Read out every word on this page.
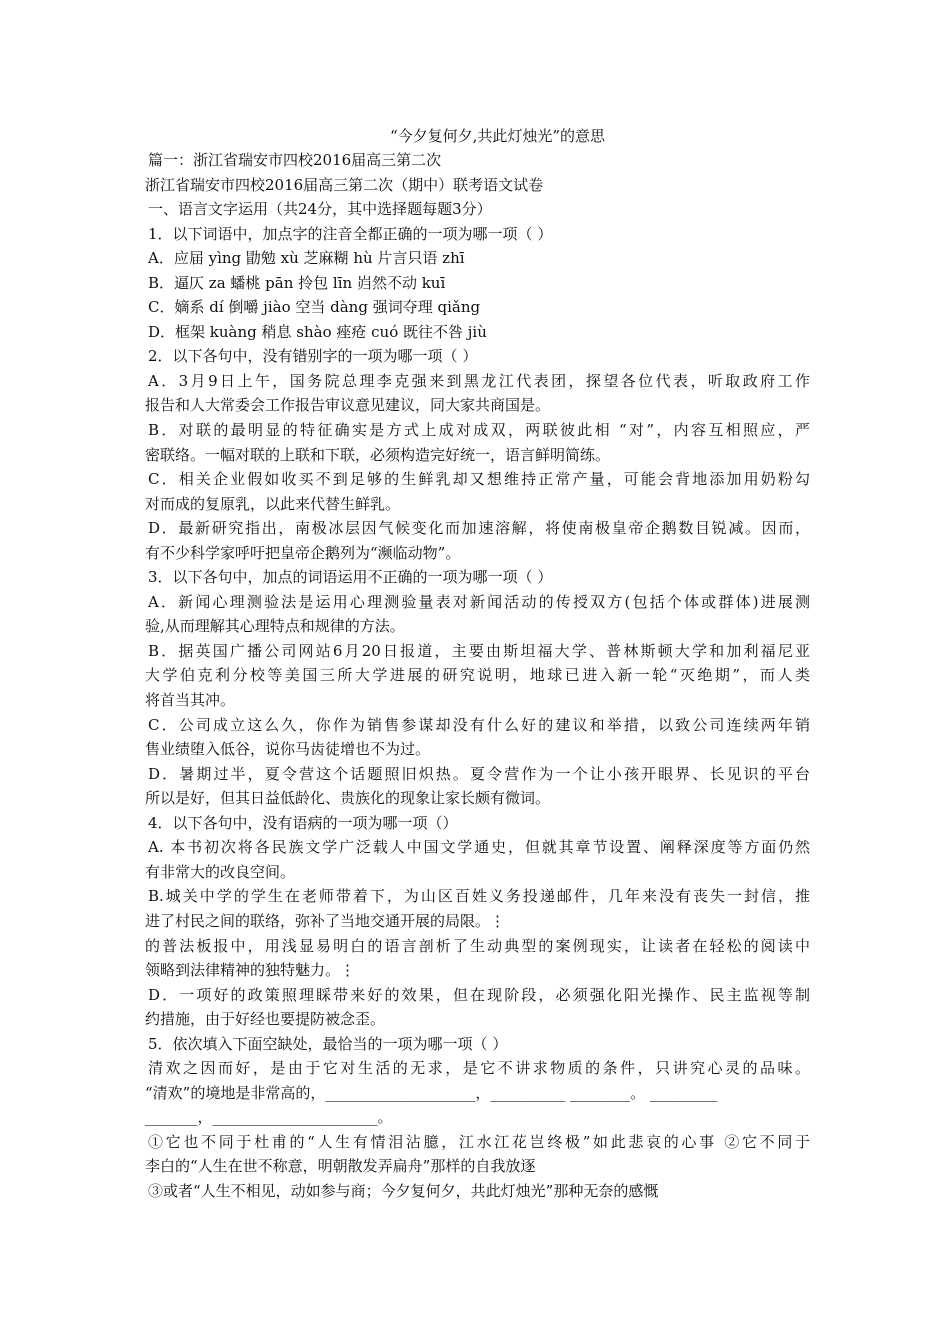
“今夕复何夕,共此灯烛光”的意思
篇一：浙江省瑞安市四校2016届高三第二次
浙江省瑞安市四校2016届高三第二次（期中）联考语文试卷
一、语言文字运用（共24分，其中选择题每题3分）
1．以下词语中，加点字的注音全都正确的一项为哪一项（ ）
A．应届 yìng 勖勉 xù 芝麻糊 hù 片言只语 zhī
B．逼仄 za 蟠桃 pān 拎包 līn 岿然不动 kuī
C．嫡系 dí 倒嚼 jiào 空当 dàng 强词夺理 qiǎng
D．框架 kuàng 稍息 shào 痤疮 cuó 既往不咎 jiù
2．以下各句中，没有错别字的一项为哪一项（ ）
A．3月9日上午，国务院总理李克强来到黑龙江代表团，探望各位代表，听取政府工作
报告和人大常委会工作报告审议意见建议，同大家共商国是。
B．对联的最明显的特征确实是方式上成对成双，两联彼此相 “对”，内容互相照应，严
密联络。一幅对联的上联和下联，必须构造完好统一，语言鲜明简练。
C．相关企业假如收买不到足够的生鲜乳却又想维持正常产量，可能会背地添加用奶粉勾
对而成的复原乳，以此来代替生鲜乳。
D．最新研究指出，南极冰层因气候变化而加速溶解，将使南极皇帝企鹅数目锐减。因而，
有不少科学家呼吁把皇帝企鹅列为“濒临动物”。
3．以下各句中，加点的词语运用不正确的一项为哪一项（ ）
A．新闻心理测验法是运用心理测验量表对新闻活动的传授双方(包括个体或群体)进展测
验,从而理解其心理特点和规律的方法。
B．据英国广播公司网站6月20日报道，主要由斯坦福大学、普林斯顿大学和加利福尼亚
大学伯克利分校等美国三所大学进展的研究说明，地球已进入新一轮“灭绝期”，而人类
将首当其冲。
C．公司成立这么久，你作为销售参谋却没有什么好的建议和举措，以致公司连续两年销
售业绩堕入低谷，说你马齿徒增也不为过。
D．暑期过半，夏令营这个话题照旧炽热。夏令营作为一个让小孩开眼界、长见识的平台
所以是好，但其日益低龄化、贵族化的现象让家长颇有微词。
4．以下各句中，没有语病的一项为哪一项（）
A. 本书初次将各民族文学广泛载人中国文学通史，但就其章节设置、阐释深度等方面仍然
有非常大的改良空间。
B.城关中学的学生在老师带着下，为山区百姓义务投递邮件，几年来没有丧失一封信，推
进了村民之间的联络，弥补了当地交通开展的局限。⋮
的普法板报中，用浅显易明白的语言剖析了生动典型的案例现实，让读者在轻松的阅读中
领略到法律精神的独特魅力。⋮
D．一项好的政策照理睬带来好的效果，但在现阶段，必须强化阳光操作、民主监视等制
约措施，由于好经也要提防被念歪。
5．依次填入下面空缺处，最恰当的一项为哪一项（ ）
清欢之因而好，是由于它对生活的无求，是它不讲求物质的条件，只讲究心灵的品味。
“清欢”的境地是非常高的，____________________，__________ ________。 _________
_______，______________________。
①它也不同于杜甫的“人生有情泪沾臆，江水江花岂终极”如此悲哀的心事 ②它不同于
李白的“人生在世不称意，明朝散发弄扁舟”那样的自我放逐
③或者“人生不相见，动如参与商；今夕复何夕，共此灯烛光”那种无奈的感慨
